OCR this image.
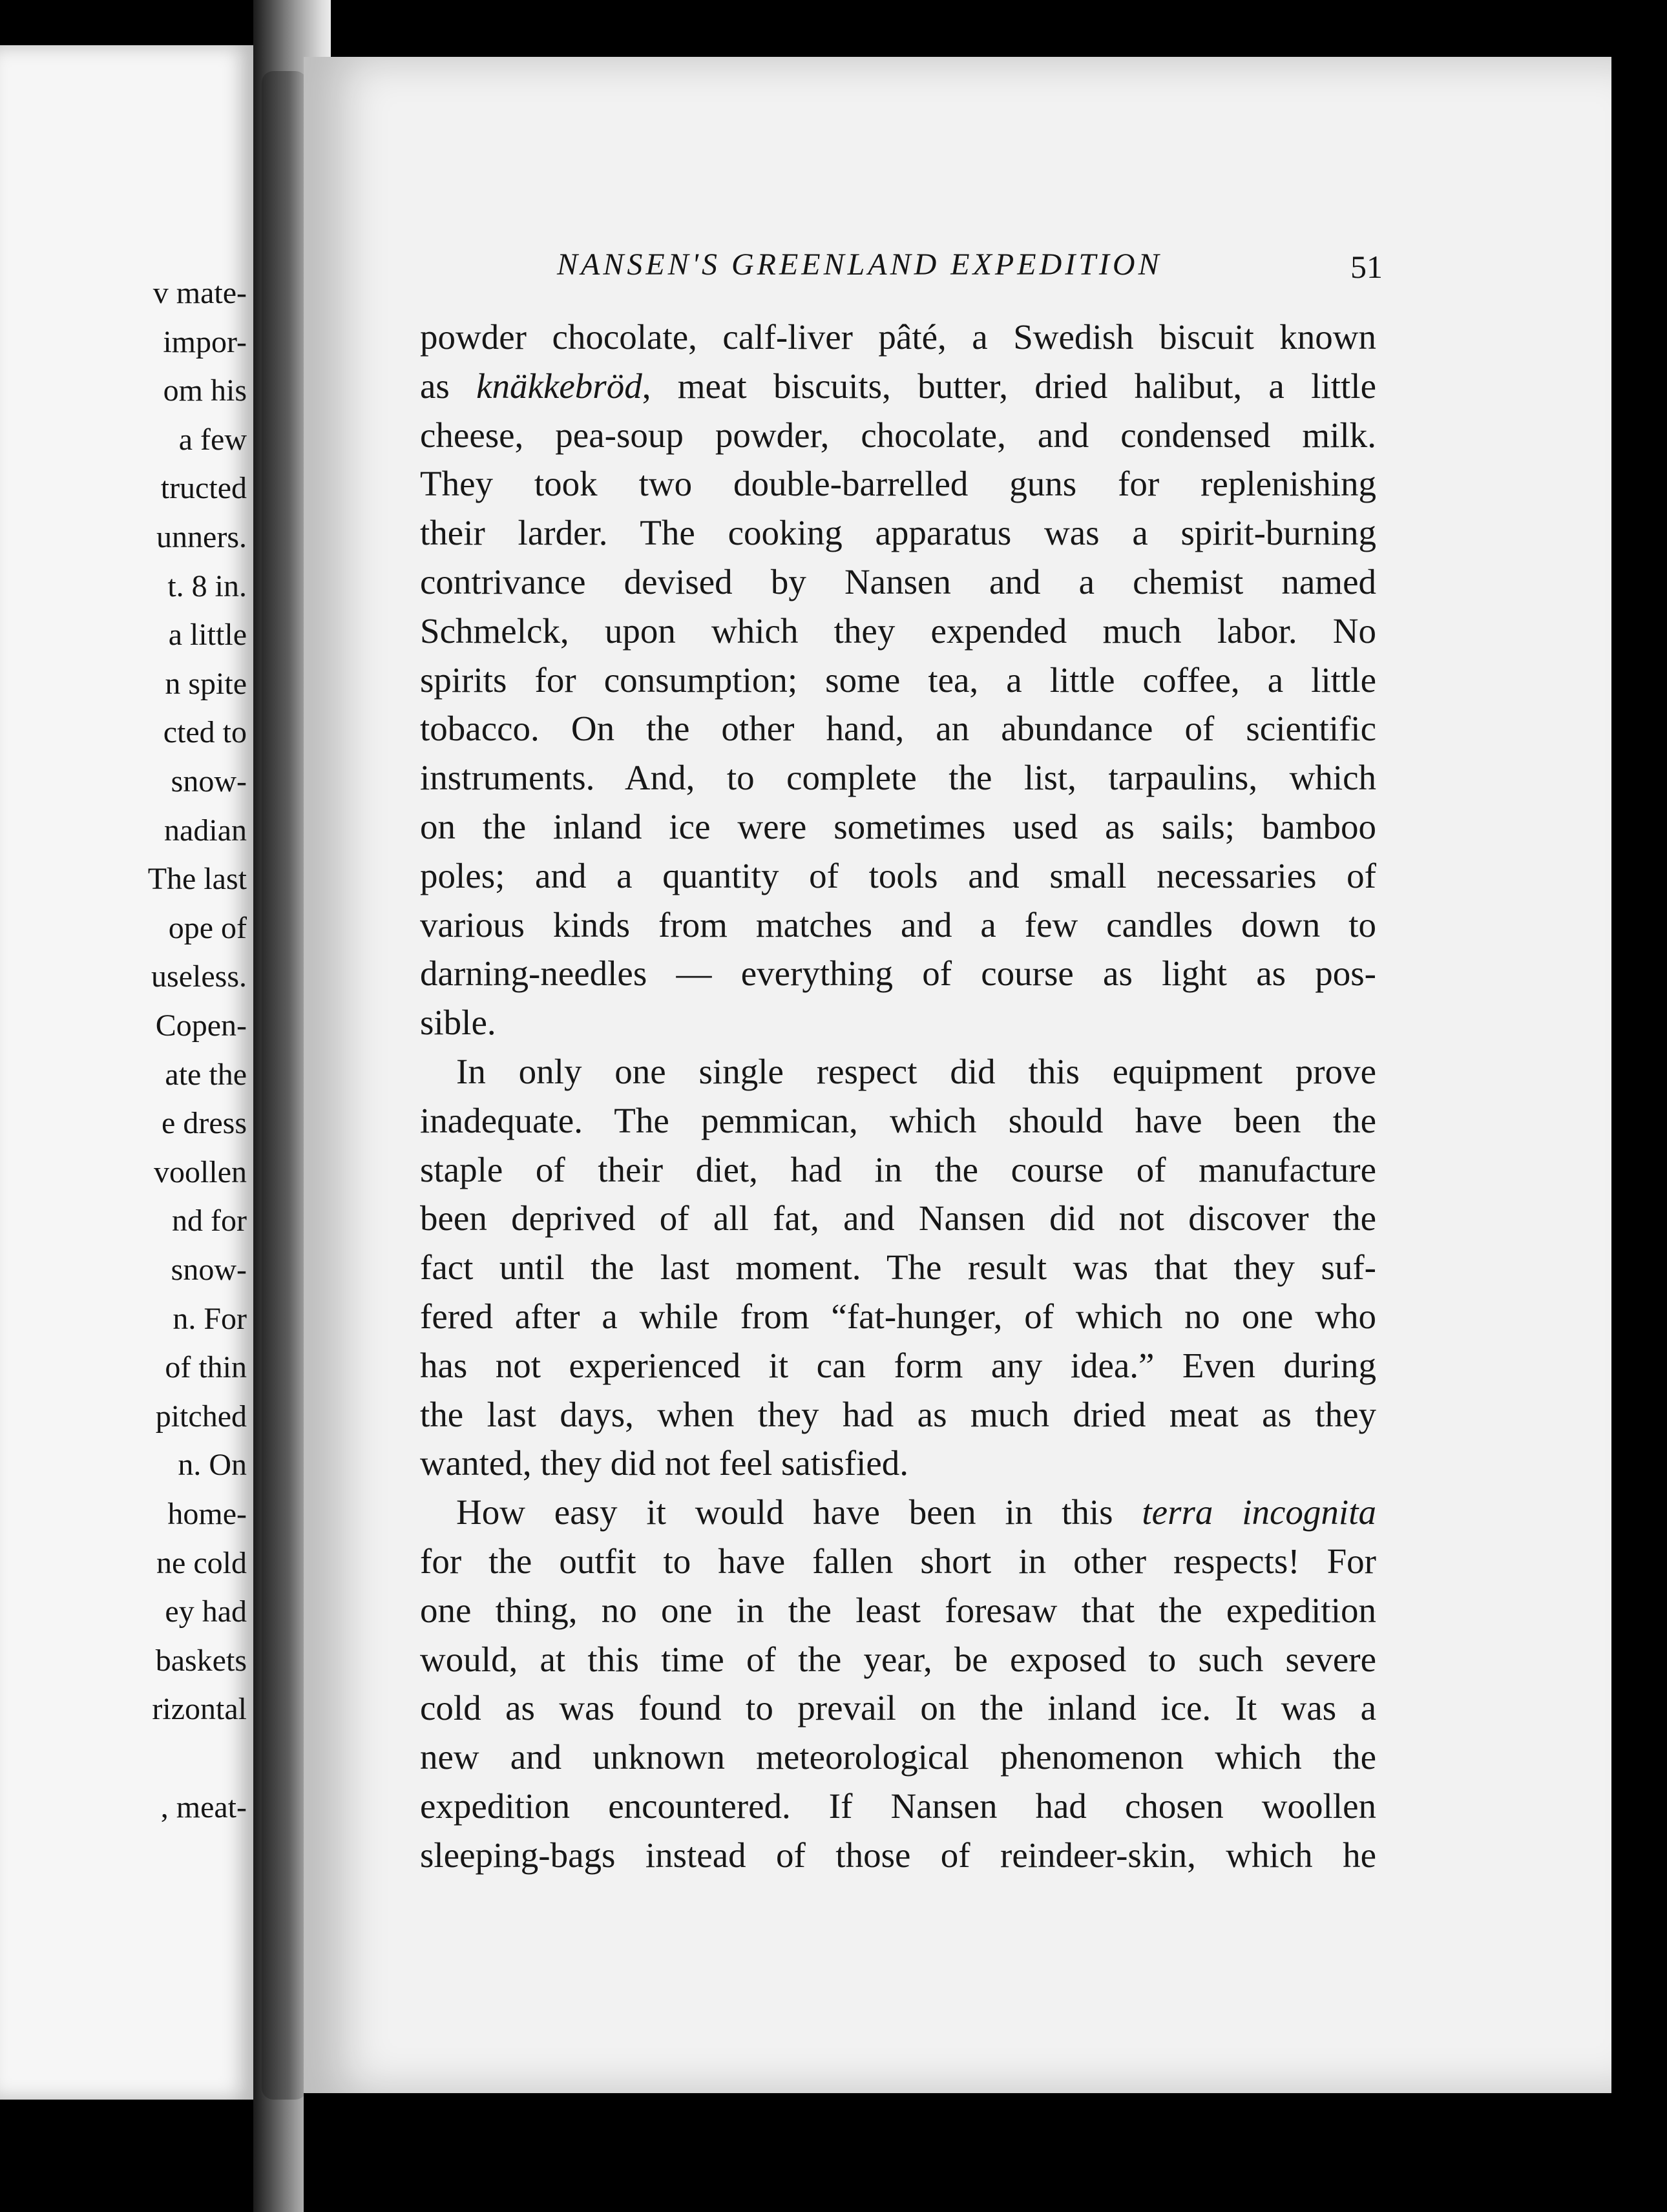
v mate-
impor-
om his
a few
tructed
unners.
t. 8 in.
a little
n spite
cted to
snow-
nadian
The last
ope of
useless.
Copen-
ate the
e dress
voollen
nd for
snow-
n. For
of thin
pitched
n. On
home-
ne cold
ey had
baskets
rizontal
, meat-
NANSEN'S GREENLAND EXPEDITION	51
powder chocolate, calf-liver pâté, a Swedish biscuit known
as knäkkebröd, meat biscuits, butter, dried halibut, a little
cheese, pea-soup powder, chocolate, and condensed milk.
They took two double-barrelled guns for replenishing
their larder. The cooking apparatus was a spirit-burning
contrivance devised by Nansen and a chemist named
Schmelck, upon which they expended much labor. No
spirits for consumption; some tea, a little coffee, a little
tobacco. On the other hand, an abundance of scientific
instruments. And, to complete the list, tarpaulins, which
on the inland ice were sometimes used as sails; bamboo
poles; and a quantity of tools and small necessaries of
various kinds from matches and a few candles down to
darning-needles — everything of course as light as pos-
sible.
In only one single respect did this equipment prove
inadequate. The pemmican, which should have been the
staple of their diet, had in the course of manufacture
been deprived of all fat, and Nansen did not discover the
fact until the last moment. The result was that they suf-
fered after a while from “fat-hunger, of which no one who
has not experienced it can form any idea.” Even during
the last days, when they had as much dried meat as they
wanted, they did not feel satisfied.
How easy it would have been in this terra incognita
for the outfit to have fallen short in other respects! For
one thing, no one in the least foresaw that the expedition
would, at this time of the year, be exposed to such severe
cold as was found to prevail on the inland ice. It was a
new and unknown meteorological phenomenon which the
expedition encountered. If Nansen had chosen woollen
sleeping-bags instead of those of reindeer-skin, which he
